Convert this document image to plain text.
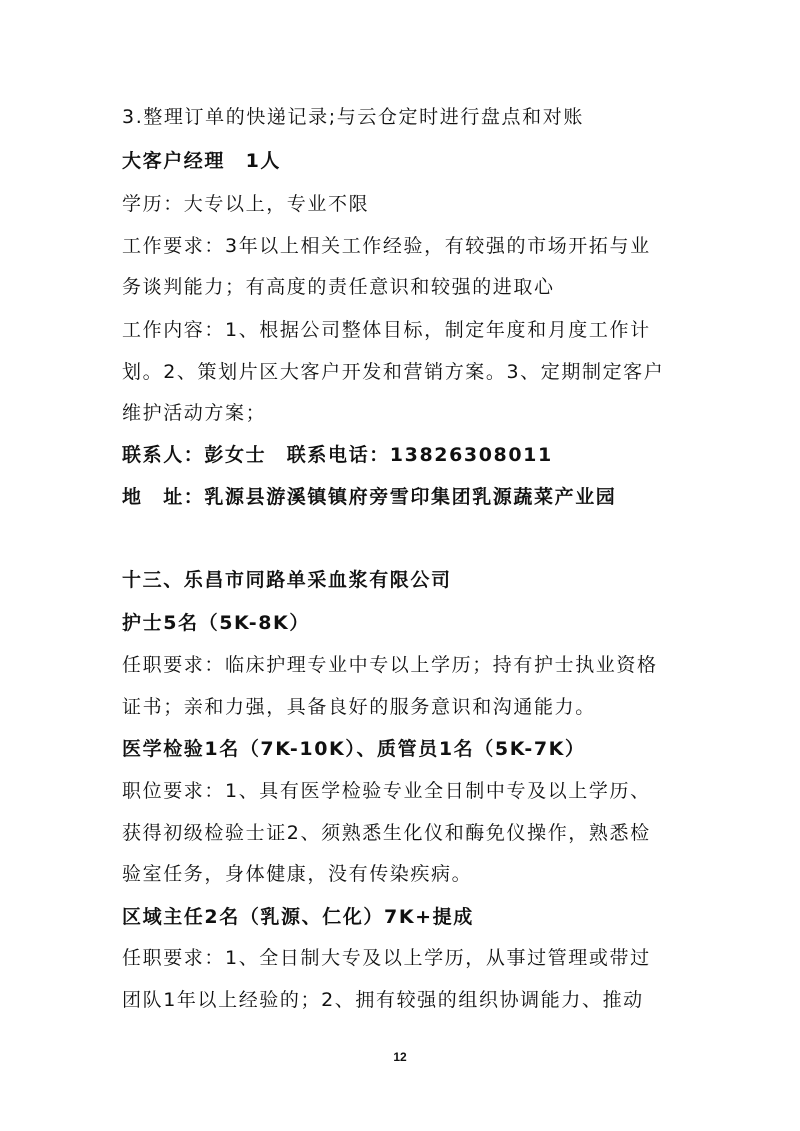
3.整理订单的快递记录;与云仓定时进行盘点和对账
大客户经理　1人
学历：大专以上，专业不限
工作要求：3年以上相关工作经验，有较强的市场开拓与业
务谈判能力；有高度的责任意识和较强的进取心
工作内容：1、根据公司整体目标，制定年度和月度工作计
划。2、策划片区大客户开发和营销方案。3、定期制定客户
维护活动方案；
联系人：彭女士　联系电话：13826308011
地　址：乳源县游溪镇镇府旁雪印集团乳源蔬菜产业园
十三、乐昌市同路单采血浆有限公司
护士5名（5K-8K）
任职要求：临床护理专业中专以上学历；持有护士执业资格
证书；亲和力强，具备良好的服务意识和沟通能力。
医学检验1名（7K-10K）、质管员1名（5K-7K）
职位要求：1、具有医学检验专业全日制中专及以上学历、
获得初级检验士证2、须熟悉生化仪和酶免仪操作，熟悉检
验室任务，身体健康，没有传染疾病。
区域主任2名（乳源、仁化）7K+提成
任职要求：1、全日制大专及以上学历，从事过管理或带过
团队1年以上经验的；2、拥有较强的组织协调能力、推动
12
